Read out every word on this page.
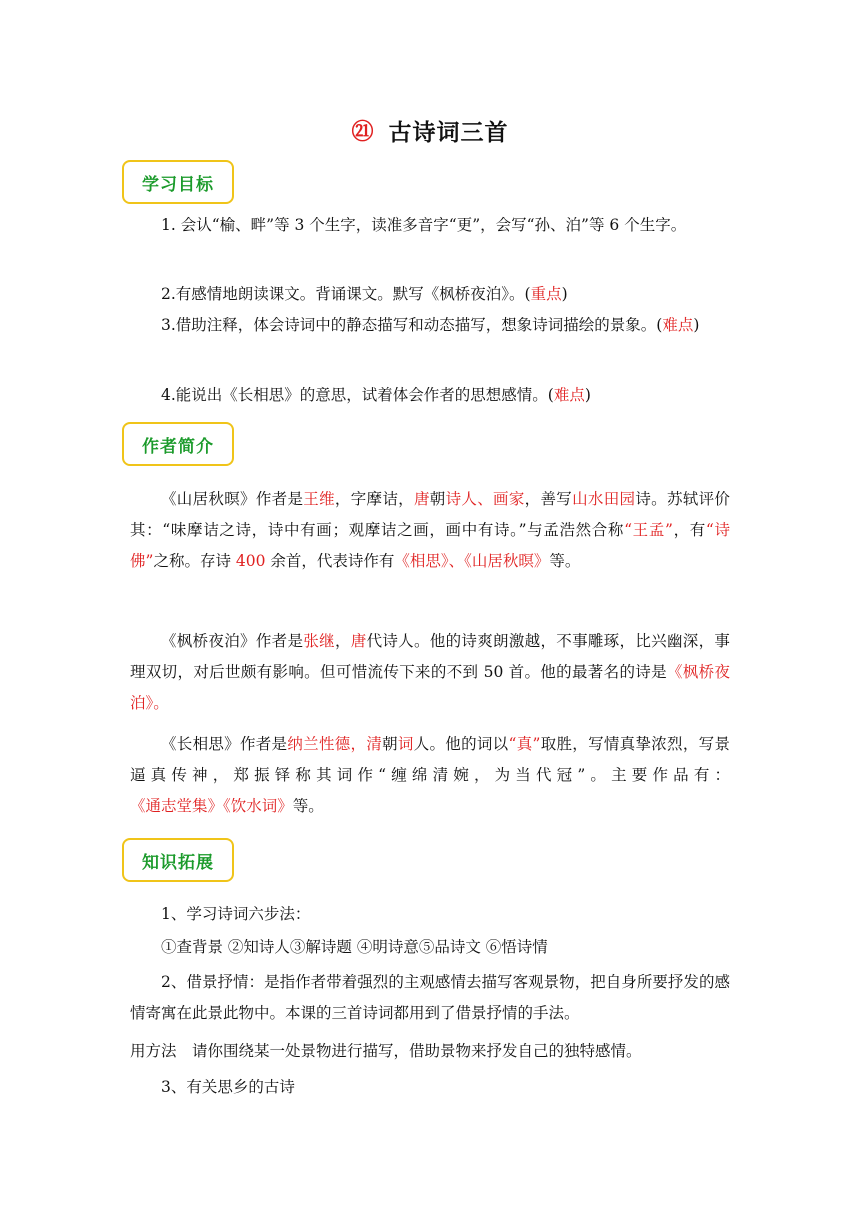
㉑ 古诗词三首
学习目标

1. 会认“榆、畔”等 3 个生字，读准多音字“更”，会写“孙、泊”等 6 个生字。

2.有感情地朗读课文。背诵课文。默写《枫桥夜泊》。(重点)

3.借助注释，体会诗词中的静态描写和动态描写，想象诗词描绘的景象。(难点)

4.能说出《长相思》的意思，试着体会作者的思想感情。(难点)

作者简介

《山居秋暝》作者是王维，字摩诘，唐朝诗人、画家，善写山水田园诗。苏轼评价其：“味摩诘之诗，诗中有画；观摩诘之画，画中有诗。”与孟浩然合称“王孟”，有“诗佛”之称。存诗 400 余首，代表诗作有《相思》、《山居秋暝》等。

《枫桥夜泊》作者是张继，唐代诗人。他的诗爽朗激越，不事雕琢，比兴幽深，事理双切，对后世颇有影响。但可惜流传下来的不到 50 首。他的最著名的诗是《枫桥夜泊》。

《长相思》作者是纳兰性德，清朝词人。他的词以“真”取胜，写情真挚浓烈，写景逼真传神，郑振铎称其词作“缠绵清婉，为当代冠”。主要作品有：《通志堂集》《饮水词》等。

知识拓展

1、学习诗词六步法：

①查背景 ②知诗人③解诗题 ④明诗意⑤品诗文 ⑥悟诗情

2、借景抒情：是指作者带着强烈的主观感情去描写客观景物，把自身所要抒发的感情寄寓在此景此物中。本课的三首诗词都用到了借景抒情的手法。

用方法　请你围绕某一处景物进行描写，借助景物来抒发自己的独特感情。

3、有关思乡的古诗
